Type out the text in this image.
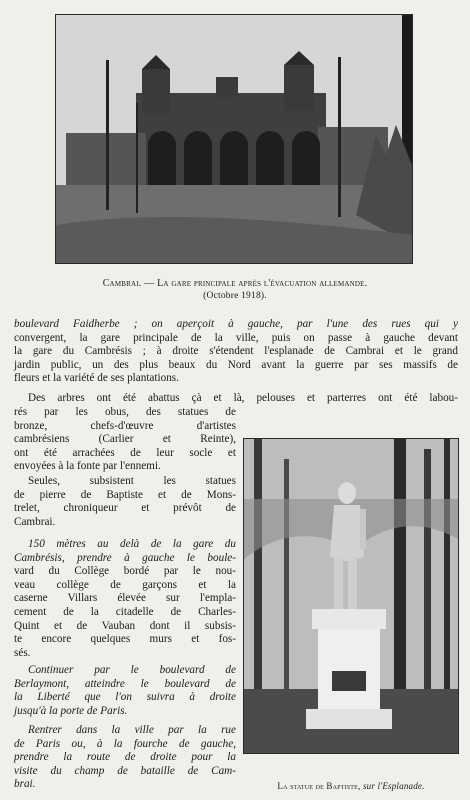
Cambrai. — La gare principale après l'évacuation allemande.
(Octobre 1918).
boulevard Faidherbe ; on aperçoit à gauche, par l'une des rues qui y
convergent, la gare principale de la ville, puis on passe à gauche devant
la gare du Cambrésis ; à droite s'étendent l'esplanade de Cambrai et le grand
jardin public, un des plus beaux du Nord avant la guerre par ses massifs de
fleurs et la variété de ses plantations.
Des arbres ont été abattus çà et là, pelouses et parterres ont été labou-
rés par les obus, des statues de
bronze, chefs-d'œuvre d'artistes
cambrésiens (Carlier et Reinte),
ont été arrachées de leur socle et
envoyées à la fonte par l'ennemi.
Seules, subsistent les statues
de pierre de Baptiste et de Mons-
trelet, chroniqueur et prévôt de
Cambrai.
150 mètres au delà de la gare du
Cambrésis, prendre à gauche le boule-
vard du Collège bordé par le nou-
veau collège de garçons et la
caserne Villars élevée sur l'empla-
cement de la citadelle de Charles-
Quint et de Vauban dont il subsis-
te encore quelques murs et fos-
sés.
Continuer par le boulevard de
Berlaymont, atteindre le boulevard de
la Liberté que l'on suivra à droite
jusqu'à la porte de Paris.
Rentrer dans la ville par la rue
de Paris ou, à la fourche de gauche,
prendre la route de droite pour la
visite du champ de bataille de Cam-
brai.	La statue de Baptiste, sur l'Esplanade.
